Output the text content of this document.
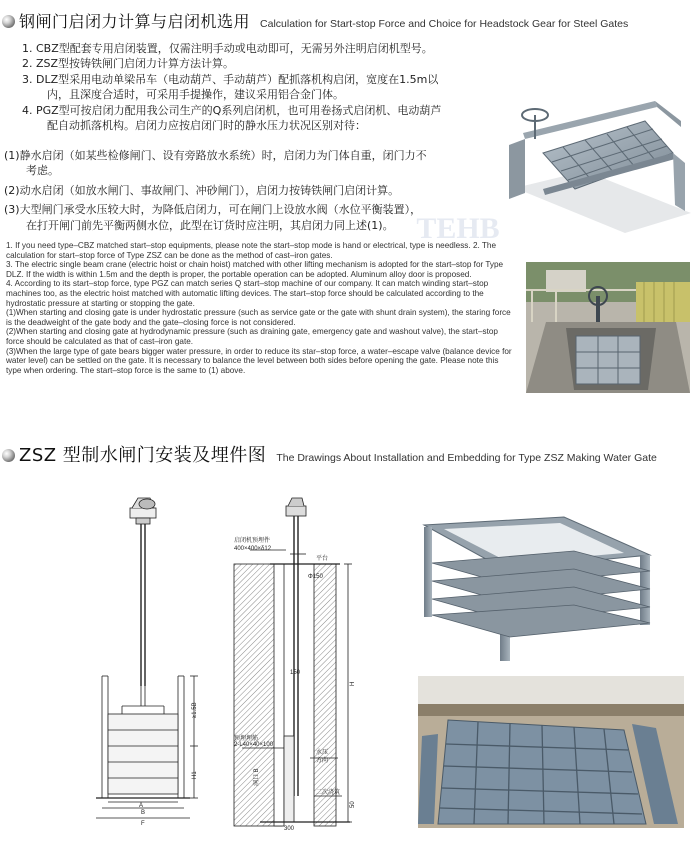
钢闸门启闭力计算与启闭机选用 Calculation for Start-stop Force and Choice for Headstock Gear for Steel Gates

1. CBZ型配套专用启闭装置，仅需注明手动或电动即可，无需另外注明启闭机型号。

2. ZSZ型按铸铁闸门启闭力计算方法计算。

3. DLZ型采用电动单梁吊车（电动葫芦、手动葫芦）配抓落机构启闭，宽度在1.5m以

内，且深度合适时，可采用手提操作，建议采用铝合金门体。

4. PGZ型可按启闭力配用我公司生产的Q系列启闭机，也可用卷扬式启闭机、电动葫芦

配自动抓落机构。启闭力应按启闭门时的静水压力状况区别对待：

(1)静水启闭（如某些检修闸门、设有旁路放水系统）时，启闭力为门体自重，闭门力不

考虑。

(2)动水启闭（如放水闸门、事故闸门、冲砂闸门），启闭力按铸铁闸门启闭计算。

(3)大型闸门承受水压较大时，为降低启闭力，可在闸门上设放水阀（水位平衡装置），

在打开闸门前先平衡两侧水位，此型在订货时应注明，其启闭力同上述(1)。

1. If you need type–CBZ matched start–stop equipments, please note the start–stop mode is hand or electrical, type is needless. 2. The calculation for start–stop force of Type ZSZ can be done as the method of cast–iron gates.

3. The electric single beam crane (electric hoist or chain hoist) matched with other lifting mechanism is adopted for the start–stop for Type DLZ. If the width is within 1.5m and the depth is proper, the portable operation can be adopted. Aluminum alloy door is proposed.

4. According to its start–stop force, type PGZ can match series Q start–stop machine of our company. It can match winding start–stop machines too, as the electric hoist matched with automatic lifting devices. The start–stop force should be calculated according to the hydrostatic pressure at starting or stopping the gate.

(1)When starting and closing gate is under hydrostatic pressure (such as service gate or the gate with shunt drain system), the staring force is the deadweight of the gate body and the gate–closing force is not considered.

(2)When starting and closing gate at hydrodynamic pressure (such as draining gate, emergency gate and washout valve), the start–stop force should be calculated as that of cast–iron gate.

(3)When the large type of gate bears bigger water pressure, in order to reduce its star–stop force, a water–escape valve (balance device for water level) can be settled on the gate. It is necessary to balance the level between both sides before opening the gate. Please note this type when ordering. The start–stop force is the same to (1) above.

TEHB
ZSZ 型制水闸门安装及埋件图 The Drawings About Installation and Embedding for Type ZSZ Making Water Gate
A
B
F
≥1.5B
H1
启闭机预埋件
400×400×δ12
平台
Φ150
150
预埋埋筋
2-L40×40×100
水压
方向
二次浇筑
洞口 B
300
50
H
